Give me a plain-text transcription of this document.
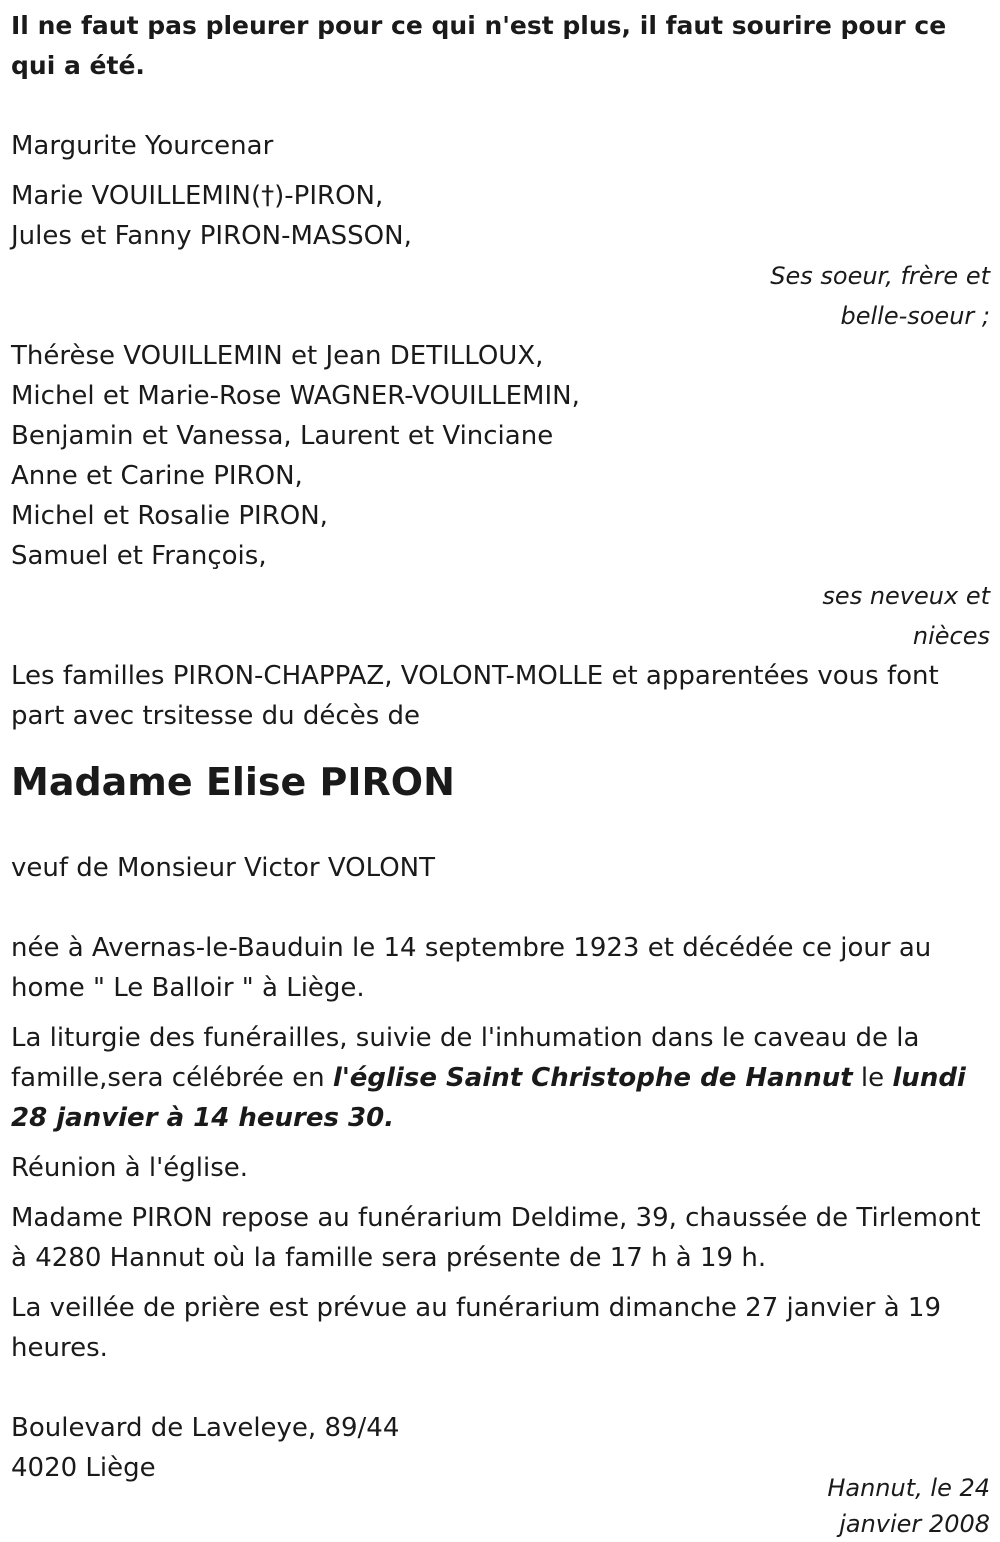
Il ne faut pas pleurer pour ce qui n'est plus, il faut sourire pour ce qui a été.
Margurite Yourcenar
Marie VOUILLEMIN(†)-PIRON,
Jules et Fanny PIRON-MASSON,
Ses soeur, frère et
belle-soeur ;
Thérèse VOUILLEMIN et Jean DETILLOUX,
Michel et Marie-Rose WAGNER-VOUILLEMIN,
Benjamin et Vanessa, Laurent et Vinciane
Anne et Carine PIRON,
Michel et Rosalie PIRON,
Samuel et François,
ses neveux et
nièces
Les familles PIRON-CHAPPAZ, VOLONT-MOLLE et apparentées vous font part avec trsitesse du décès de
Madame Elise PIRON
veuf de Monsieur Victor VOLONT
née à Avernas-le-Bauduin le 14 septembre 1923 et décédée ce jour au home " Le Balloir " à Liège.
La liturgie des funérailles, suivie de l'inhumation dans le caveau de la famille,sera célébrée en l'église Saint Christophe de Hannut le lundi 28 janvier à 14 heures 30.
Réunion à l'église.
Madame PIRON repose au funérarium Deldime, 39, chaussée de Tirlemont à 4280 Hannut où la famille sera présente de 17 h à 19 h.
La veillée de prière est prévue au funérarium dimanche 27 janvier à 19 heures.
Boulevard de Laveleye, 89/44
4020 Liège
Hannut, le 24
janvier 2008
